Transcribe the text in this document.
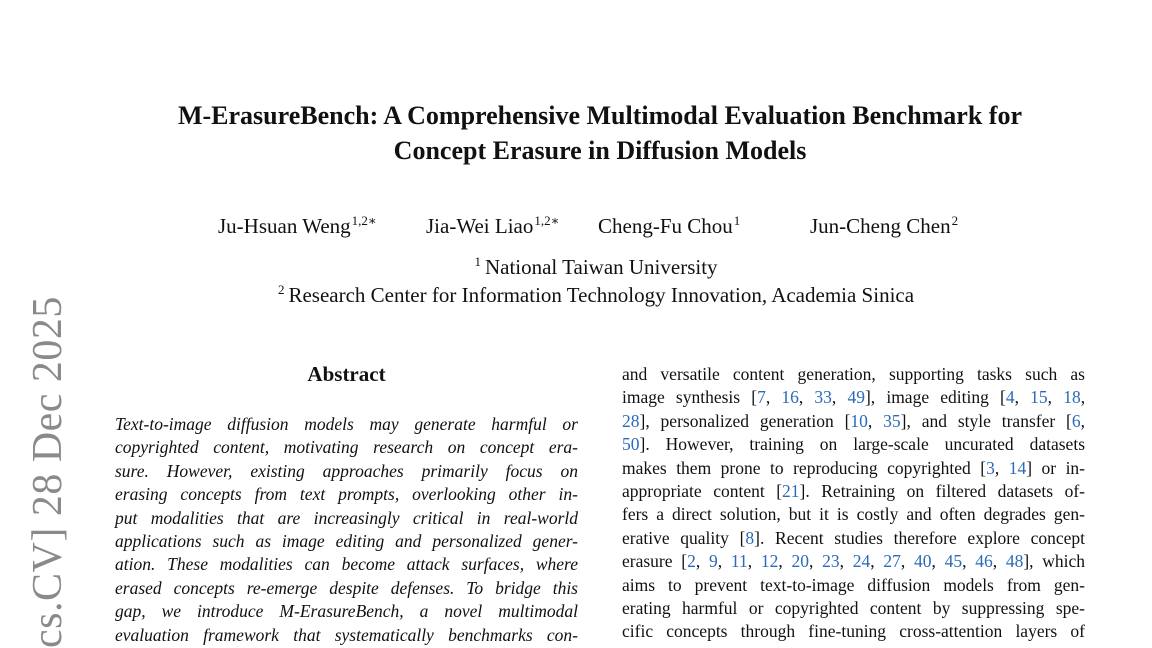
cs.CV] 28 Dec 2025
M-ErasureBench: A Comprehensive Multimodal Evaluation Benchmark for
Concept Erasure in Diffusion Models
Ju-Hsuan Weng$^{1,2∗}$ Jia-Wei Liao$^{1,2∗}$ Cheng-Fu Chou$^1$	Jun-Cheng Chen$^2$
$^1$ National Taiwan University
$^2$ Research Center for Information Technology Innovation, Academia Sinica
Abstract
Text-to-image diffusion models may generate harmful or
copyrighted content, motivating research on concept era-
sure. However, existing approaches primarily focus on
erasing concepts from text prompts, overlooking other in-
put modalities that are increasingly critical in real-world
applications such as image editing and personalized gener-
ation. These modalities can become attack surfaces, where
erased concepts re-emerge despite defenses. To bridge this
gap, we introduce M-ErasureBench, a novel multimodal
evaluation framework that systematically benchmarks con-
and versatile content generation, supporting tasks such as
image synthesis [7, 16, 33, 49], image editing [4, 15, 18,
28], personalized generation [10, 35], and style transfer [6,
50]. However, training on large-scale uncurated datasets
makes them prone to reproducing copyrighted [3, 14] or in-
appropriate content [21]. Retraining on filtered datasets of-
fers a direct solution, but it is costly and often degrades gen-
erative quality [8]. Recent studies therefore explore concept
erasure [2, 9, 11, 12, 20, 23, 24, 27, 40, 45, 46, 48], which
aims to prevent text-to-image diffusion models from gen-
erating harmful or copyrighted content by suppressing spe-
cific concepts through fine-tuning cross-attention layers of
